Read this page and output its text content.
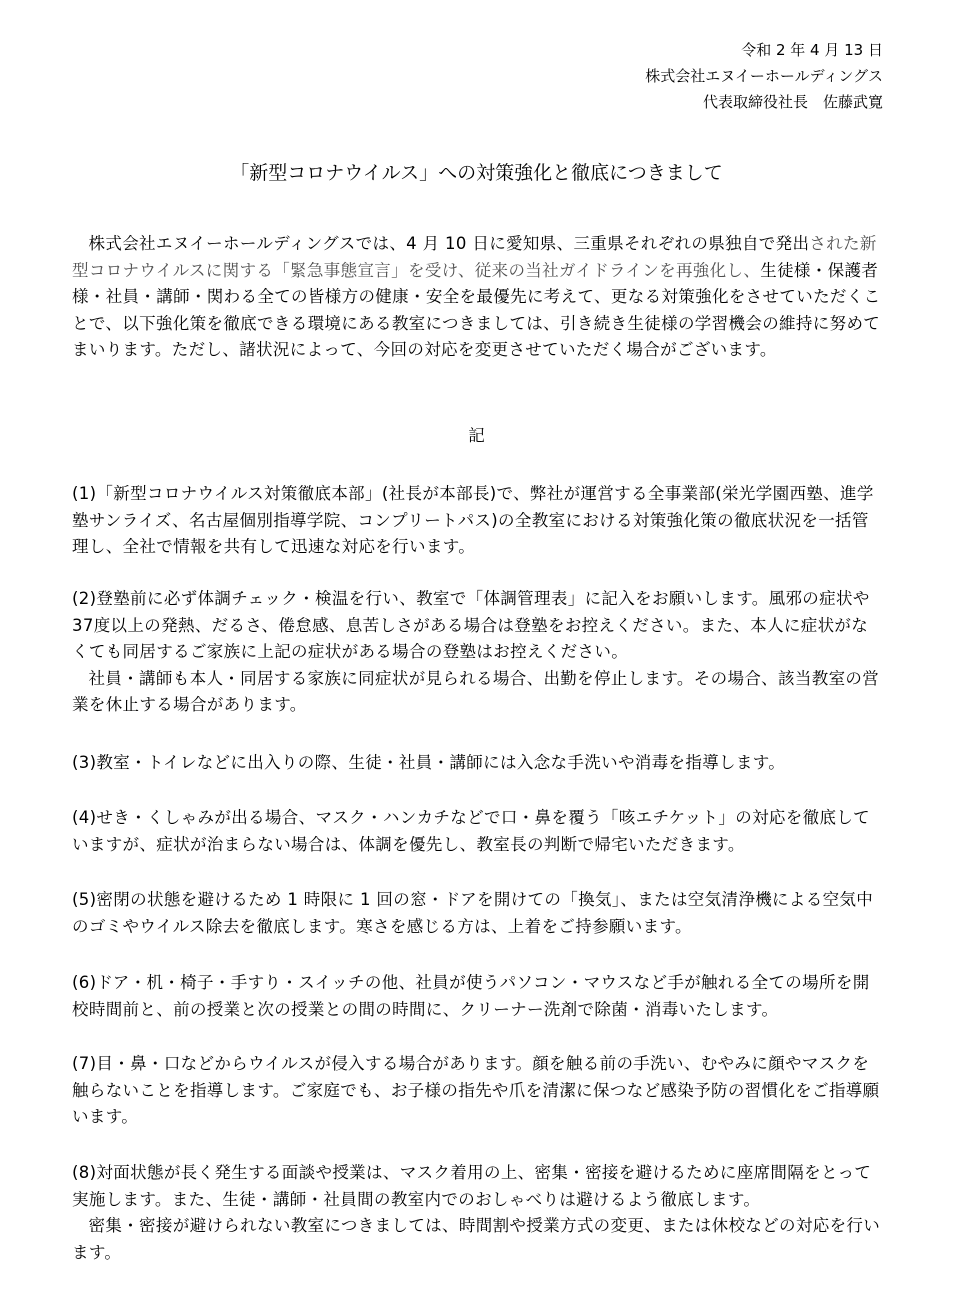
令和 2 年 4 月 13 日
株式会社エヌイーホールディングス
代表取締役社長　佐藤武寛
「新型コロナウイルス」への対策強化と徹底につきまして

株式会社エヌイーホールディングスでは、4 月 10 日に愛知県、三重県それぞれの県独自で発出された新型コロナウイルスに関する「緊急事態宣言」を受け、従来の当社ガイドラインを再強化し、生徒様・保護者様・社員・講師・関わる全ての皆様方の健康・安全を最優先に考えて、更なる対策強化をさせていただくことで、以下強化策を徹底できる環境にある教室につきましては、引き続き生徒様の学習機会の維持に努めてまいります。ただし、諸状況によって、今回の対応を変更させていただく場合がございます。

記

(1)「新型コロナウイルス対策徹底本部」(社長が本部長)で、弊社が運営する全事業部(栄光学園西塾、進学塾サンライズ、名古屋個別指導学院、コンプリートパス)の全教室における対策強化策の徹底状況を一括管理し、全社で情報を共有して迅速な対応を行います。

(2)登塾前に必ず体調チェック・検温を行い、教室で「体調管理表」に記入をお願いします。風邪の症状や37度以上の発熱、だるさ、倦怠感、息苦しさがある場合は登塾をお控えください。また、本人に症状がなくても同居するご家族に上記の症状がある場合の登塾はお控えください。

社員・講師も本人・同居する家族に同症状が見られる場合、出勤を停止します。その場合、該当教室の営業を休止する場合があります。

(3)教室・トイレなどに出入りの際、生徒・社員・講師には入念な手洗いや消毒を指導します。

(4)せき・くしゃみが出る場合、マスク・ハンカチなどで口・鼻を覆う「咳エチケット」の対応を徹底していますが、症状が治まらない場合は、体調を優先し、教室長の判断で帰宅いただきます。

(5)密閉の状態を避けるため 1 時限に 1 回の窓・ドアを開けての「換気」、または空気清浄機による空気中のゴミやウイルス除去を徹底します。寒さを感じる方は、上着をご持参願います。

(6)ドア・机・椅子・手すり・スイッチの他、社員が使うパソコン・マウスなど手が触れる全ての場所を開校時間前と、前の授業と次の授業との間の時間に、クリーナー洗剤で除菌・消毒いたします。

(7)目・鼻・口などからウイルスが侵入する場合があります。顔を触る前の手洗い、むやみに顔やマスクを触らないことを指導します。ご家庭でも、お子様の指先や爪を清潔に保つなど感染予防の習慣化をご指導願います。

(8)対面状態が長く発生する面談や授業は、マスク着用の上、密集・密接を避けるために座席間隔をとって実施します。また、生徒・講師・社員間の教室内でのおしゃべりは避けるよう徹底します。

密集・密接が避けられない教室につきましては、時間割や授業方式の変更、または休校などの対応を行います。
